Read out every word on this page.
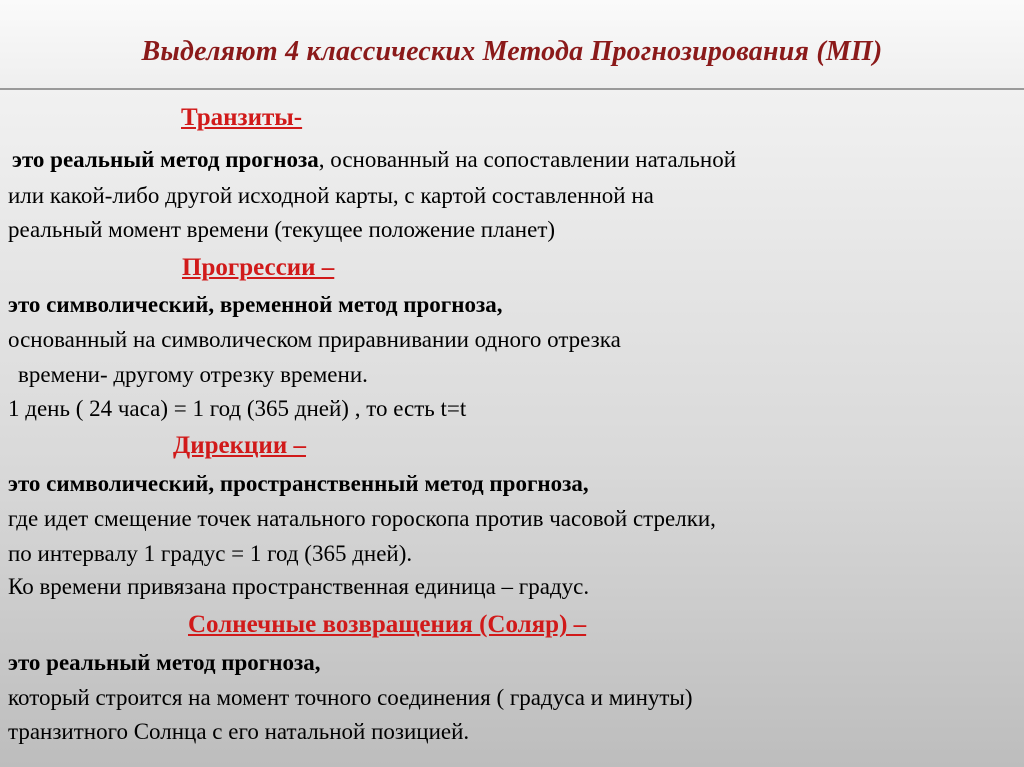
Выделяют 4 классических Метода Прогнозирования (МП)
Транзиты-
это реальный метод прогноза, основанный на сопоставлении натальной
или какой-либо другой исходной карты, с картой составленной на
реальный момент времени (текущее положение планет)
Прогрессии –
это символический, временной метод прогноза,
основанный на символическом приравнивании одного отрезка
времени- другому отрезку времени.
1 день ( 24 часа) = 1 год (365 дней) , то есть t=t
Дирекции –
это символический, пространственный метод прогноза,
где идет смещение точек натального гороскопа против часовой стрелки,
по интервалу 1 градус = 1 год (365 дней).
Ко времени привязана пространственная единица – градус.
Солнечные возвращения (Соляр) –
это реальный метод прогноза,
который строится на момент точного соединения ( градуса и минуты)
транзитного Солнца с его натальной позицией.
